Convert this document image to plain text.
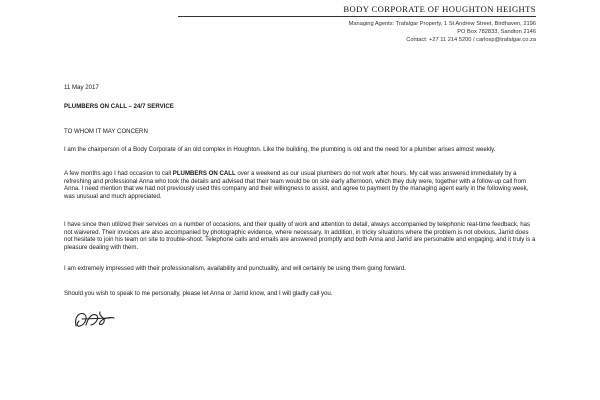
BODY CORPORATE OF HOUGHTON HEIGHTS
Managing Agents: Trafalgar Property, 1 St Andrew Street, Birdhaven, 2196
PO Box 782833, Sandton 2146
Contact: +27 11 214 5200 / carlosp@trafalgar.co.za
11 May 2017
PLUMBERS ON CALL – 24/7 SERVICE
TO WHOM IT MAY CONCERN
I am the chairperson of a Body Corporate of an old complex in Houghton. Like the building, the plumbing is old and the need for a plumber arises almost weekly.
A few months ago I had occasion to call PLUMBERS ON CALL over a weekend as our usual plumbers do not work after hours. My call was answered immediately by a refreshing and professional Anna who took the details and advised that their team would be on site early afternoon, which they duly were, together with a follow-up call from Anna. I need mention that we had not previously used this company and their willingness to assist, and agree to payment by the managing agent early in the following week, was unusual and much appreciated.
I have since then utilized their services on a number of occasions, and their quality of work and attention to detail, always accompanied by telephonic real-time feedback, has not waivered. Their invoices are also accompanied by photographic evidence, where necessary. In addition, in tricky situations where the problem is not obvious, Jarrid does not hesitate to join his team on site to trouble-shoot. Telephone calls and emails are answered promptly and both Anna and Jarrid are personable and engaging, and it truly is a pleasure dealing with them.
I am extremely impressed with their professionalism, availability and punctuality, and will certainly be using them going forward.
Should you wish to speak to me personally, please let Anna or Jarrid know, and I will gladly call you.
